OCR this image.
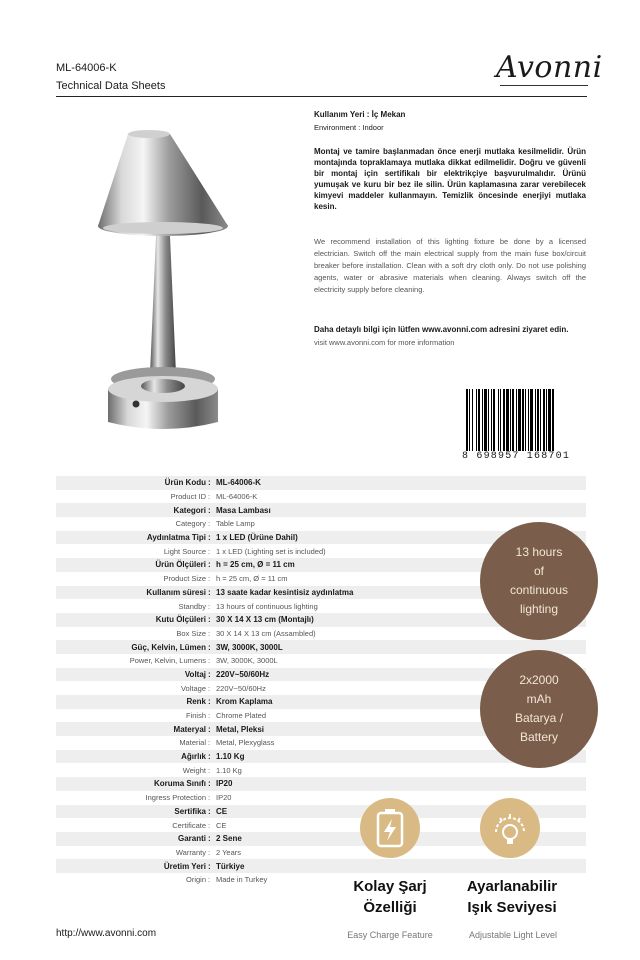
ML-64006-K
Technical Data Sheets
Avonni
Kullanım Yeri : İç Mekan
Environment : Indoor
Montaj ve tamire başlanmadan önce enerji mutlaka kesilmelidir. Ürün montajında topraklamaya mutlaka dikkat edilmelidir. Doğru ve güvenli bir montaj için sertifikalı bir elektrikçiye başvurulmalıdır. Ürünü yumuşak ve kuru bir bez ile silin. Ürün kaplamasına zarar verebilecek kimyevi maddeler kullanmayın. Temizlik öncesinde enerjiyi mutlaka kesin.
We recommend installation of this lighting fixture be done by a licensed electrician. Switch off the main electrical supply from the main fuse box/circuit breaker before installation. Clean with a soft dry cloth only. Do not use polishing agents, water or abrasive materials when cleaning. Always switch off the electricity supply before cleaning.
Daha detaylı bilgi için lütfen www.avonni.com adresini ziyaret edin.
visit www.avonni.com for more information
8 698957 168701
Ürün Kodu : ML-64006-K
Product ID : ML-64006-K
Kategori : Masa Lambası
Category : Table Lamp
Aydınlatma Tipi : 1 x LED (Ürüne Dahil)
Light Source : 1 x LED (Lighting set is included)
Ürün Ölçüleri : h = 25 cm, Ø = 11 cm
Product Size : h = 25 cm, Ø = 11 cm
Kullanım süresi : 13 saate kadar kesintisiz aydınlatma
Standby : 13 hours of continuous lighting
Kutu Ölçüleri : 30 X 14 X 13 cm (Montajlı)
Box Size : 30 X 14 X 13 cm (Assambled)
Güç, Kelvin, Lümen : 3W, 3000K, 3000L
Power, Kelvin, Lumens : 3W, 3000K, 3000L
Voltaj : 220V~50/60Hz
Voltage : 220V~50/60Hz
Renk : Krom Kaplama
Finish : Chrome Plated
Materyal : Metal, Pleksi
Material : Metal, Plexyglass
Ağırlık : 1.10 Kg
Weight : 1.10 Kg
Koruma Sınıfı : IP20
Ingress Protection : IP20
Sertifika : CE
Certificate : CE
Garanti : 2 Sene
Warranty : 2 Years
Üretim Yeri : Türkiye
Origin : Made in Turkey
13 hours
of
continuous
lighting
2x2000
mAh
Batarya /
Battery
Kolay Şarj
Özelliği
Ayarlanabilir
Işık Seviyesi
Easy Charge Feature	Adjustable Light Level
http://www.avonni.com
